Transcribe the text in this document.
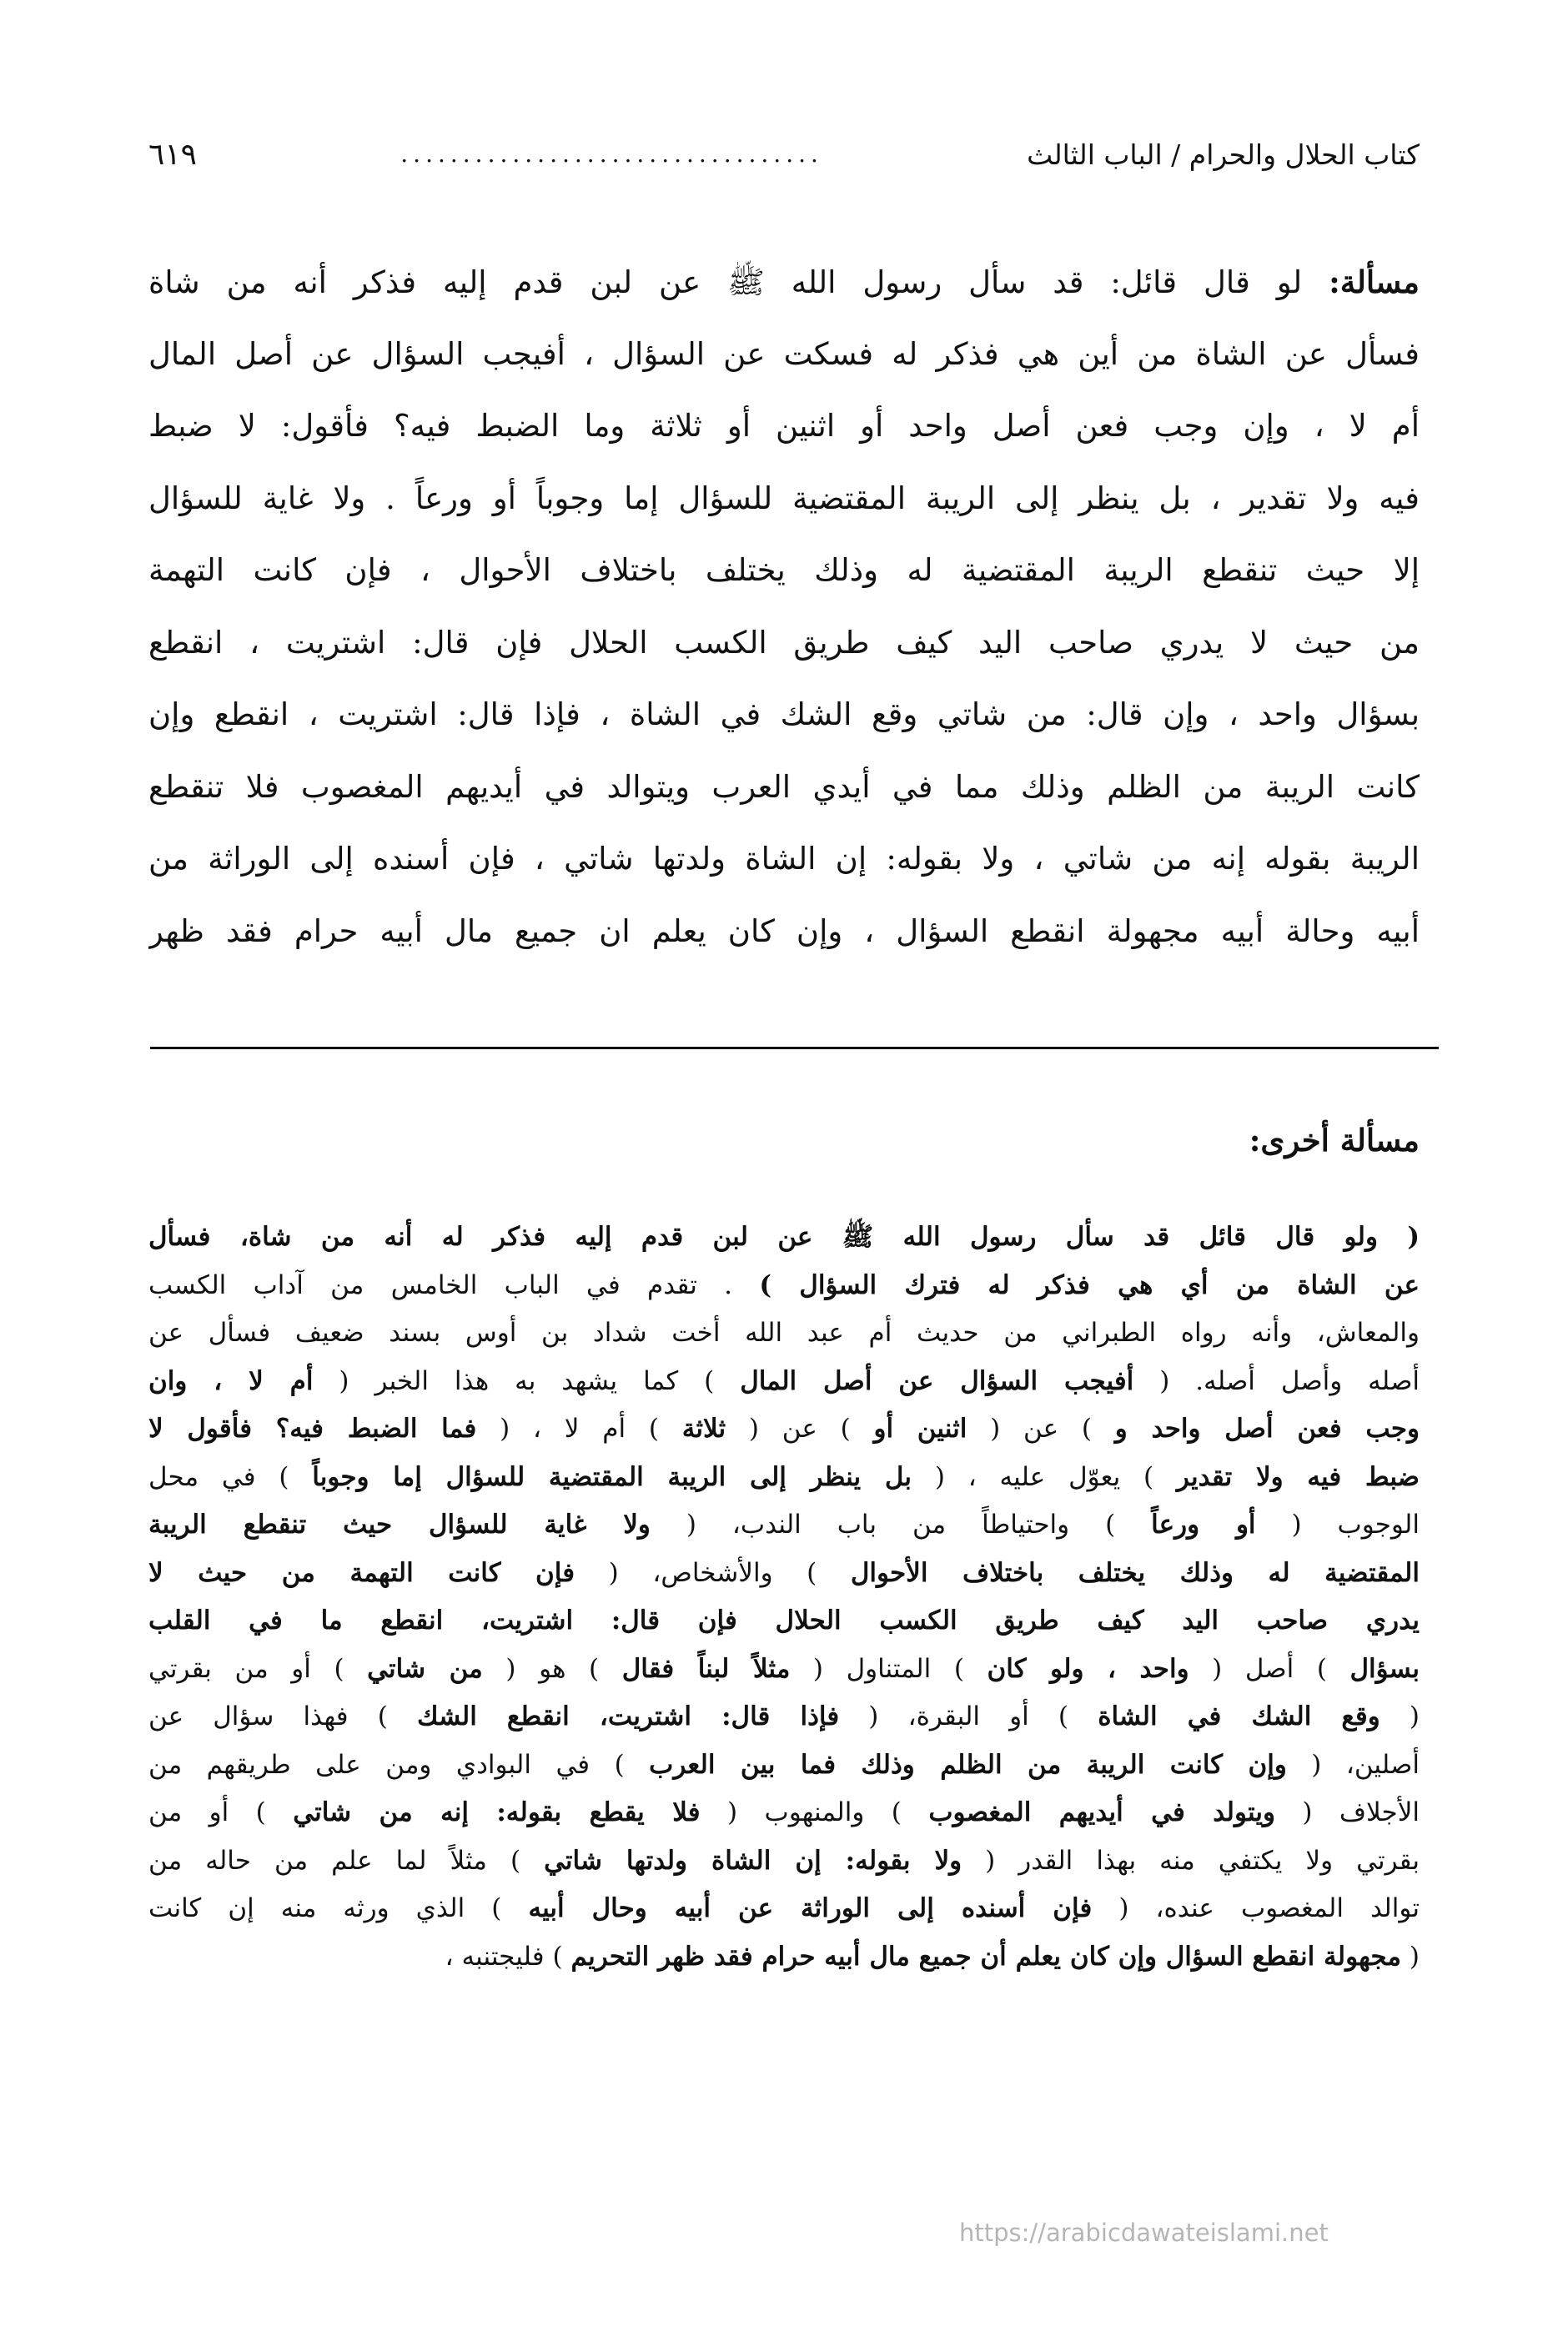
كتاب الحلال والحرام / الباب الثالث
..................................
٦١٩
مسألة: لو قال قائل: قد سأل رسول الله ﷺ عن لبن قدم إليه فذكر أنه من شاة
فسأل عن الشاة من أين هي فذكر له فسكت عن السؤال ، أفيجب السؤال عن أصل المال
أم لا ، وإن وجب فعن أصل واحد أو اثنين أو ثلاثة وما الضبط فيه؟ فأقول: لا ضبط
فيه ولا تقدير ، بل ينظر إلى الريبة المقتضية للسؤال إما وجوباً أو ورعاً . ولا غاية للسؤال
إلا حيث تنقطع الريبة المقتضية له وذلك يختلف باختلاف الأحوال ، فإن كانت التهمة
من حيث لا يدري صاحب اليد كيف طريق الكسب الحلال فإن قال: اشتريت ، انقطع
بسؤال واحد ، وإن قال: من شاتي وقع الشك في الشاة ، فإذا قال: اشتريت ، انقطع وإن
كانت الريبة من الظلم وذلك مما في أيدي العرب ويتوالد في أيديهم المغصوب فلا تنقطع
الريبة بقوله إنه من شاتي ، ولا بقوله: إن الشاة ولدتها شاتي ، فإن أسنده إلى الوراثة من
أبيه وحالة أبيه مجهولة انقطع السؤال ، وإن كان يعلم ان جميع مال أبيه حرام فقد ظهر
مسألة أخرى:
( ولو قال قائل قد سأل رسول الله ﷺ عن لبن قدم إليه فذكر له أنه من شاة، فسأل
عن الشاة من أي هي فذكر له فترك السؤال ) . تقدم في الباب الخامس من آداب الكسب
والمعاش، وأنه رواه الطبراني من حديث أم عبد الله أخت شداد بن أوس بسند ضعيف فسأل عن
أصله وأصل أصله. ( أفيجب السؤال عن أصل المال ) كما يشهد به هذا الخبر ( أم لا ، وان
وجب فعن أصل واحد و ) عن ( اثنين أو ) عن ( ثلاثة ) أم لا ، ( فما الضبط فيه؟ فأقول لا
ضبط فيه ولا تقدير ) يعوّل عليه ، ( بل ينظر إلى الريبة المقتضية للسؤال إما وجوباً ) في محل
الوجوب ( أو ورعاً ) واحتياطاً من باب الندب، ( ولا غاية للسؤال حيث تنقطع الريبة
المقتضية له وذلك يختلف باختلاف الأحوال ) والأشخاص، ( فإن كانت التهمة من حيث لا
يدري صاحب اليد كيف طريق الكسب الحلال فإن قال: اشتريت، انقطع ما في القلب
بسؤال ) أصل ( واحد ، ولو كان ) المتناول ( مثلاً لبناً فقال ) هو ( من شاتي ) أو من بقرتي
( وقع الشك في الشاة ) أو البقرة، ( فإذا قال: اشتريت، انقطع الشك ) فهذا سؤال عن
أصلين، ( وإن كانت الريبة من الظلم وذلك فما بين العرب ) في البوادي ومن على طريقهم من
الأجلاف ( ويتولد في أيديهم المغصوب ) والمنهوب ( فلا يقطع بقوله: إنه من شاتي ) أو من
بقرتي ولا يكتفي منه بهذا القدر ( ولا بقوله: إن الشاة ولدتها شاتي ) مثلاً لما علم من حاله من
توالد المغصوب عنده، ( فإن أسنده إلى الوراثة عن أبيه وحال أبيه ) الذي ورثه منه إن كانت
( مجهولة انقطع السؤال وإن كان يعلم أن جميع مال أبيه حرام فقد ظهر التحريم ) فليجتنبه ،
https://arabicdawateislami.net
